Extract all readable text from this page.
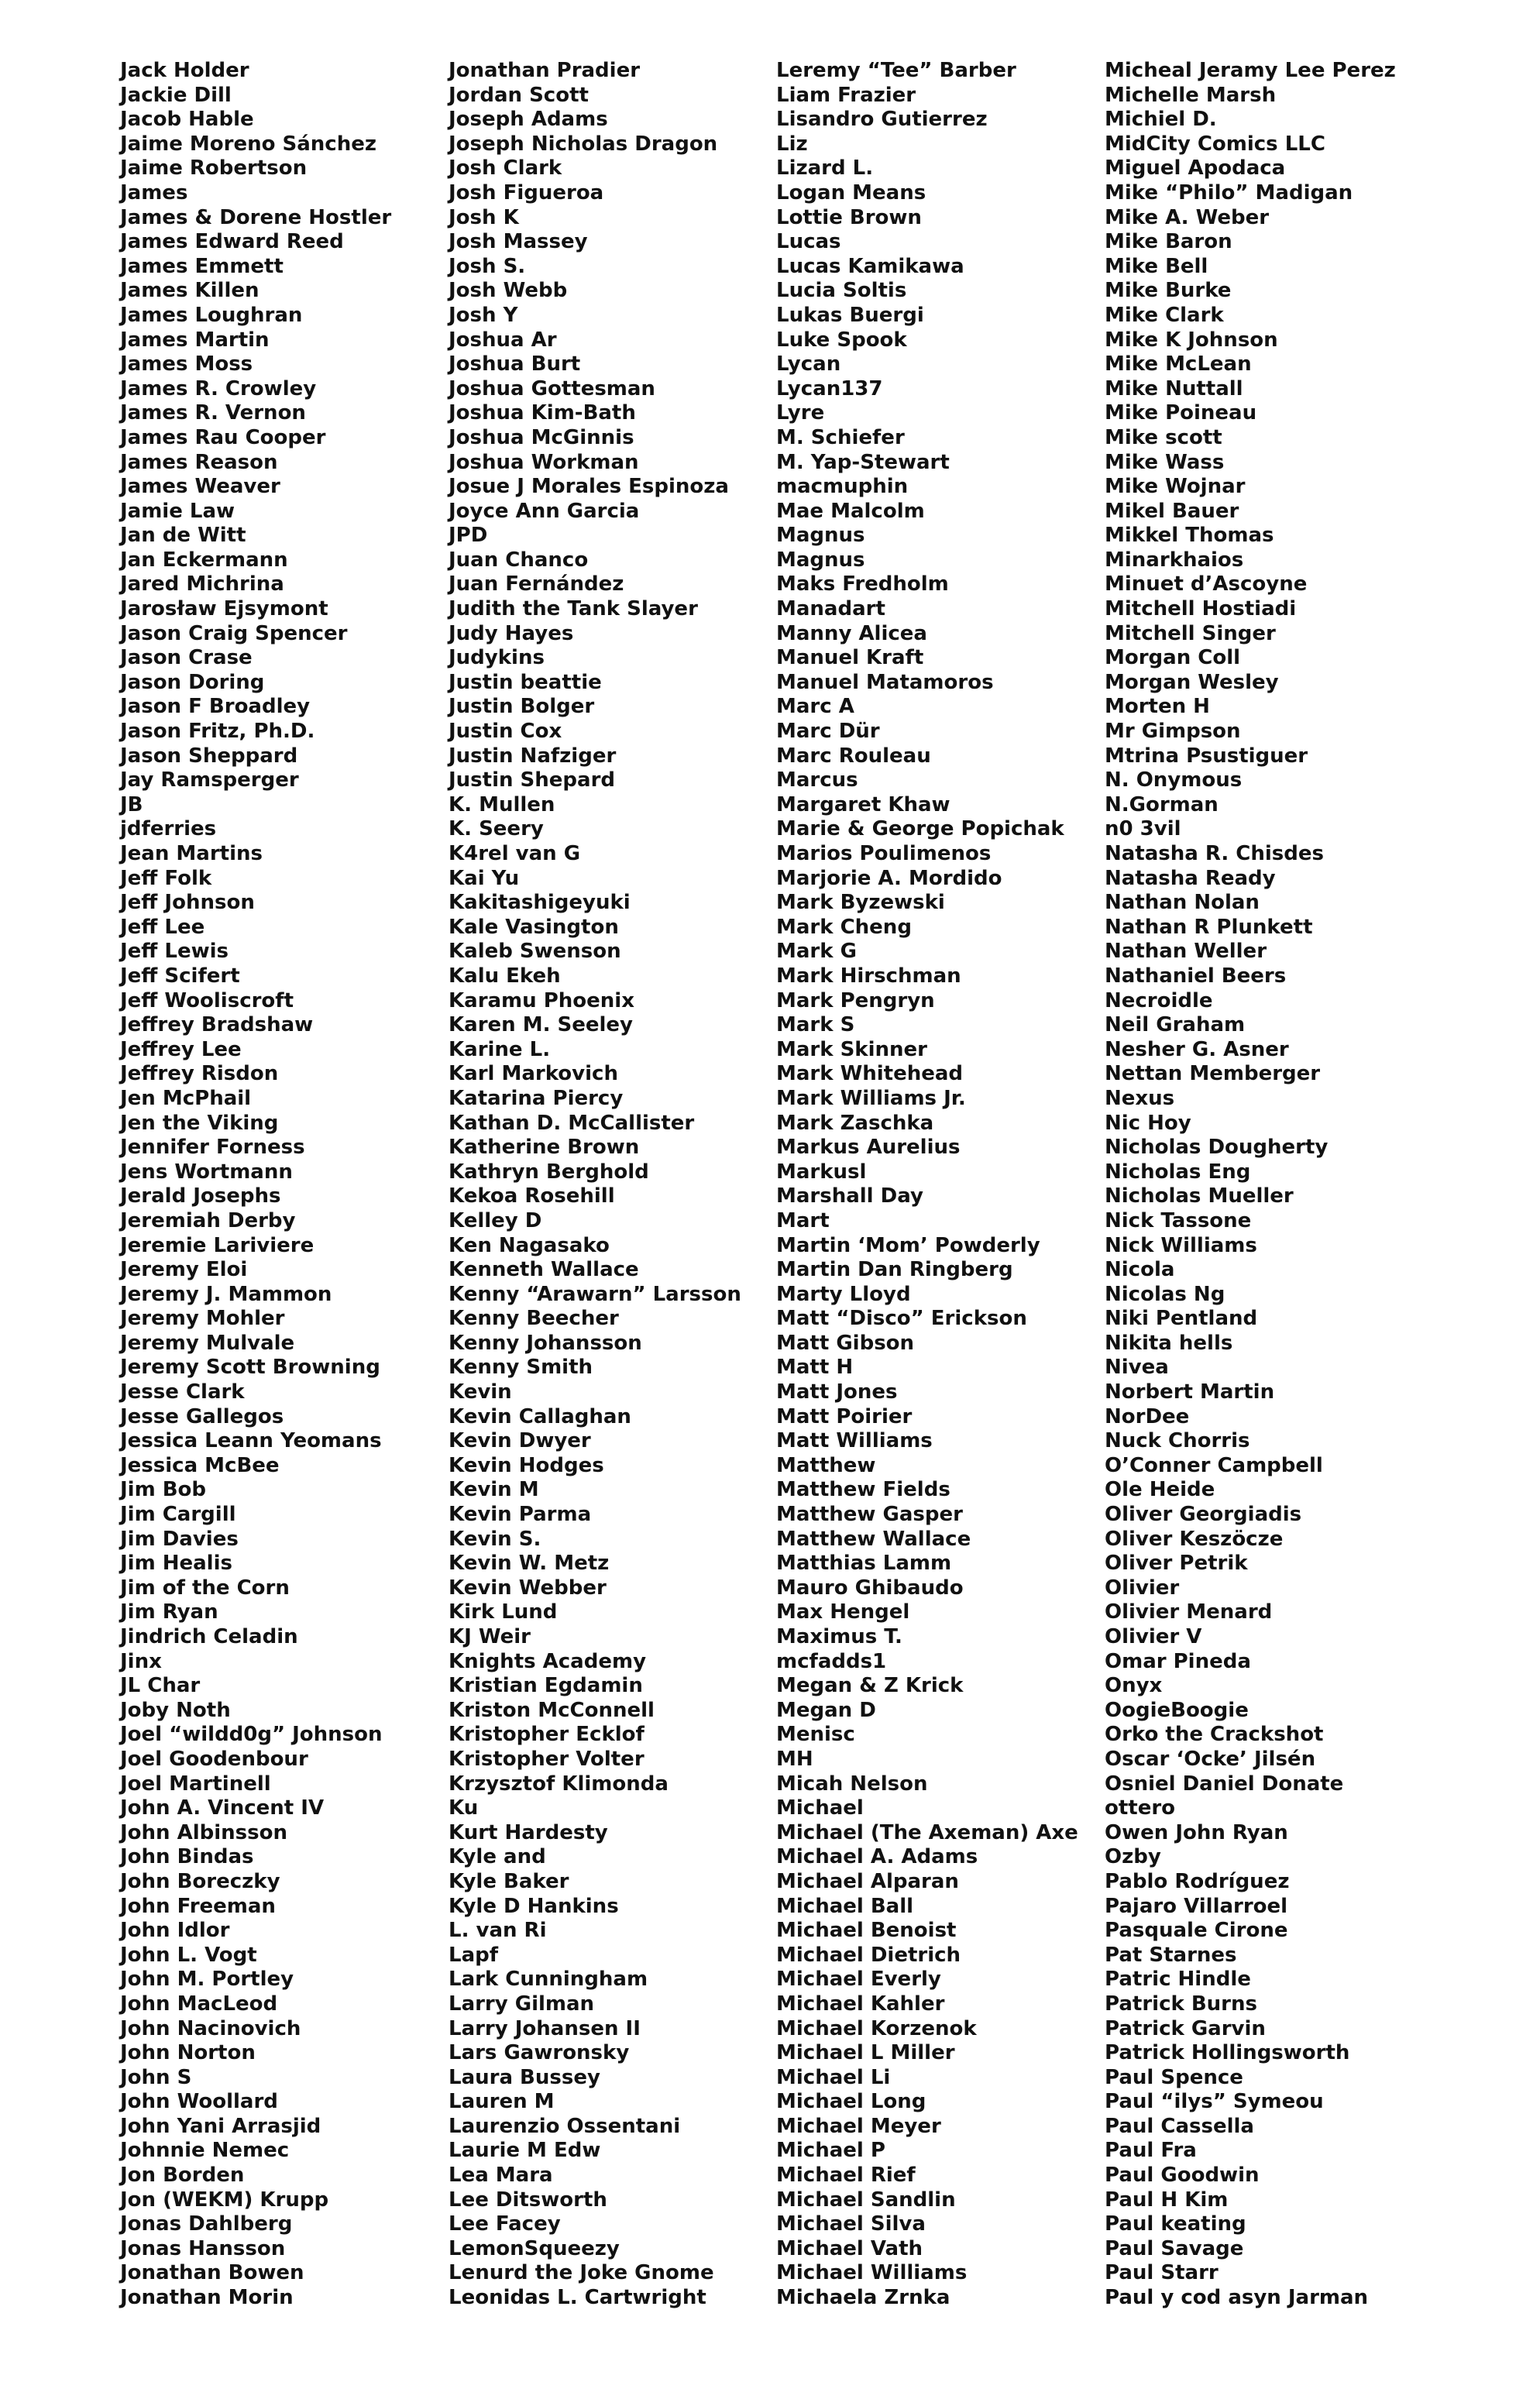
Jack Holder
Jackie Dill
Jacob Hable
Jaime Moreno Sánchez
Jaime Robertson
James
James & Dorene Hostler
James Edward Reed
James Emmett
James Killen
James Loughran
James Martin
James Moss
James R. Crowley
James R. Vernon
James Rau Cooper
James Reason
James Weaver
Jamie Law
Jan de Witt
Jan Eckermann
Jared Michrina
Jarosław Ejsymont
Jason Craig Spencer
Jason Crase
Jason Doring
Jason F Broadley
Jason Fritz, Ph.D.
Jason Sheppard
Jay Ramsperger
JB
jdferries
Jean Martins
Jeff Folk
Jeff Johnson
Jeff Lee
Jeff Lewis
Jeff Scifert
Jeff Wooliscroft
Jeffrey Bradshaw
Jeffrey Lee
Jeffrey Risdon
Jen McPhail
Jen the Viking
Jennifer Forness
Jens Wortmann
Jerald Josephs
Jeremiah Derby
Jeremie Lariviere
Jeremy Eloi
Jeremy J. Mammon
Jeremy Mohler
Jeremy Mulvale
Jeremy Scott Browning
Jesse Clark
Jesse Gallegos
Jessica Leann Yeomans
Jessica McBee
Jim Bob
Jim Cargill
Jim Davies
Jim Healis
Jim of the Corn
Jim Ryan
Jindrich Celadin
Jinx
JL Char
Joby Noth
Joel “wildd0g” Johnson
Joel Goodenbour
Joel Martinell
John A. Vincent IV
John Albinsson
John Bindas
John Boreczky
John Freeman
John Idlor
John L. Vogt
John M. Portley
John MacLeod
John Nacinovich
John Norton
John S
John Woollard
John Yani Arrasjid
Johnnie Nemec
Jon Borden
Jon (WEKM) Krupp
Jonas Dahlberg
Jonas Hansson
Jonathan Bowen
Jonathan Morin
Jonathan Pradier
Jordan Scott
Joseph Adams
Joseph Nicholas Dragon
Josh Clark
Josh Figueroa
Josh K
Josh Massey
Josh S.
Josh Webb
Josh Y
Joshua Ar
Joshua Burt
Joshua Gottesman
Joshua Kim-Bath
Joshua McGinnis
Joshua Workman
Josue J Morales Espinoza
Joyce Ann Garcia
JPD
Juan Chanco
Juan Fernández
Judith the Tank Slayer
Judy Hayes
Judykins
Justin beattie
Justin Bolger
Justin Cox
Justin Nafziger
Justin Shepard
K. Mullen
K. Seery
K4rel van G
Kai Yu
Kakitashigeyuki
Kale Vasington
Kaleb Swenson
Kalu Ekeh
Karamu Phoenix
Karen M. Seeley
Karine L.
Karl Markovich
Katarina Piercy
Kathan D. McCallister
Katherine Brown
Kathryn Berghold
Kekoa Rosehill
Kelley D
Ken Nagasako
Kenneth Wallace
Kenny “Arawarn” Larsson
Kenny Beecher
Kenny Johansson
Kenny Smith
Kevin
Kevin Callaghan
Kevin Dwyer
Kevin Hodges
Kevin M
Kevin Parma
Kevin S.
Kevin W. Metz
Kevin Webber
Kirk Lund
KJ Weir
Knights Academy
Kristian Egdamin
Kriston McConnell
Kristopher Ecklof
Kristopher Volter
Krzysztof Klimonda
Ku
Kurt Hardesty
Kyle and
Kyle Baker
Kyle D Hankins
L. van Ri
Lapf
Lark Cunningham
Larry Gilman
Larry Johansen II
Lars Gawronsky
Laura Bussey
Lauren M
Laurenzio Ossentani
Laurie M Edw
Lea Mara
Lee Ditsworth
Lee Facey
LemonSqueezy
Lenurd the Joke Gnome
Leonidas L. Cartwright
Leremy “Tee” Barber
Liam Frazier
Lisandro Gutierrez
Liz
Lizard L.
Logan Means
Lottie Brown
Lucas
Lucas Kamikawa
Lucia Soltis
Lukas Buergi
Luke Spook
Lycan
Lycan137
Lyre
M. Schiefer
M. Yap-Stewart
macmuphin
Mae Malcolm
Magnus
Magnus
Maks Fredholm
Manadart
Manny Alicea
Manuel Kraft
Manuel Matamoros
Marc A
Marc Dür
Marc Rouleau
Marcus
Margaret Khaw
Marie & George Popichak
Marios Poulimenos
Marjorie A. Mordido
Mark Byzewski
Mark Cheng
Mark G
Mark Hirschman
Mark Pengryn
Mark S
Mark Skinner
Mark Whitehead
Mark Williams Jr.
Mark Zaschka
Markus Aurelius
Markusl
Marshall Day
Mart
Martin ‘Mom’ Powderly
Martin Dan Ringberg
Marty Lloyd
Matt “Disco” Erickson
Matt Gibson
Matt H
Matt Jones
Matt Poirier
Matt Williams
Matthew
Matthew Fields
Matthew Gasper
Matthew Wallace
Matthias Lamm
Mauro Ghibaudo
Max Hengel
Maximus T.
mcfadds1
Megan & Z Krick
Megan D
Menisc
MH
Micah Nelson
Michael
Michael (The Axeman) Axe
Michael A. Adams
Michael Alparan
Michael Ball
Michael Benoist
Michael Dietrich
Michael Everly
Michael Kahler
Michael Korzenok
Michael L Miller
Michael Li
Michael Long
Michael Meyer
Michael P
Michael Rief
Michael Sandlin
Michael Silva
Michael Vath
Michael Williams
Michaela Zrnka
Micheal Jeramy Lee Perez
Michelle Marsh
Michiel D.
MidCity Comics LLC
Miguel Apodaca
Mike “Philo” Madigan
Mike A. Weber
Mike Baron
Mike Bell
Mike Burke
Mike Clark
Mike K Johnson
Mike McLean
Mike Nuttall
Mike Poineau
Mike scott
Mike Wass
Mike Wojnar
Mikel Bauer
Mikkel Thomas
Minarkhaios
Minuet d’Ascoyne
Mitchell Hostiadi
Mitchell Singer
Morgan Coll
Morgan Wesley
Morten H
Mr Gimpson
Mtrina Psustiguer
N. Onymous
N.Gorman
n0 3vil
Natasha R. Chisdes
Natasha Ready
Nathan Nolan
Nathan R Plunkett
Nathan Weller
Nathaniel Beers
Necroidle
Neil Graham
Nesher G. Asner
Nettan Memberger
Nexus
Nic Hoy
Nicholas Dougherty
Nicholas Eng
Nicholas Mueller
Nick Tassone
Nick Williams
Nicola
Nicolas Ng
Niki Pentland
Nikita hells
Nivea
Norbert Martin
NorDee
Nuck Chorris
O’Conner Campbell
Ole Heide
Oliver Georgiadis
Oliver Keszöcze
Oliver Petrik
Olivier
Olivier Menard
Olivier V
Omar Pineda
Onyx
OogieBoogie
Orko the Crackshot
Oscar ‘Ocke’ Jilsén
Osniel Daniel Donate
ottero
Owen John Ryan
Ozby
Pablo Rodríguez
Pajaro Villarroel
Pasquale Cirone
Pat Starnes
Patric Hindle
Patrick Burns
Patrick Garvin
Patrick Hollingsworth
Paul Spence
Paul “ilys” Symeou
Paul Cassella
Paul Fra
Paul Goodwin
Paul H Kim
Paul keating
Paul Savage
Paul Starr
Paul y cod asyn Jarman
